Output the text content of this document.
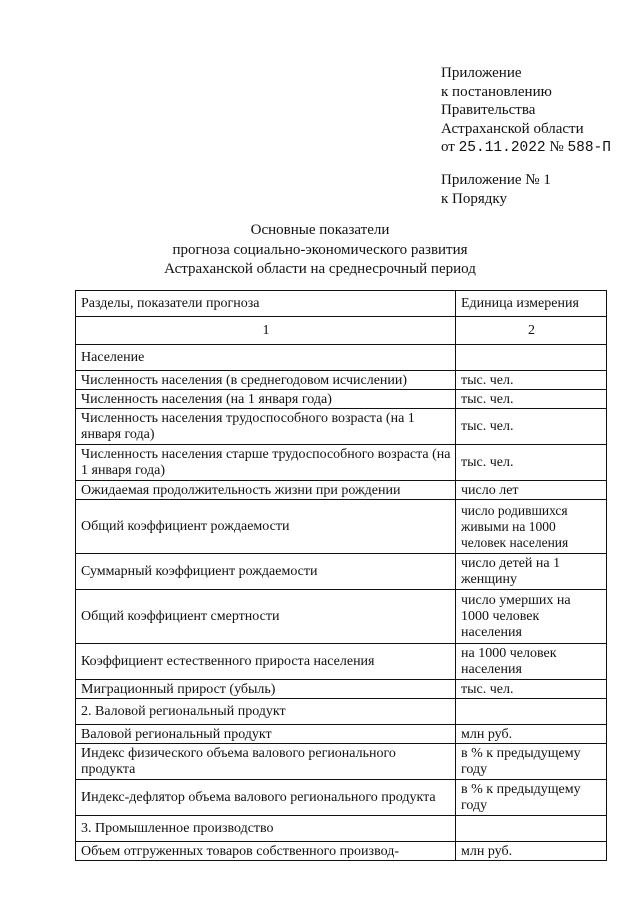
Приложение
к постановлению
Правительства
Астраханской области
от 25.11.2022 № 588-П
Приложение № 1
к Порядку
Основные показатели
прогноза социально-экономического развития
Астраханской области на среднесрочный период
Разделы, показатели прогноза	Единица измерения
1	2
Население	
Численность населения (в среднегодовом исчислении)	тыс. чел.
Численность населения (на 1 января года)	тыс. чел.
Численность населения трудоспособного возраста (на 1 января года)	тыс. чел.
Численность населения старше трудоспособного возраста (на 1 января года)	тыс. чел.
Ожидаемая продолжительность жизни при рождении	число лет
Общий коэффициент рождаемости	число родившихся живыми на 1000 человек населения
Суммарный коэффициент рождаемости	число детей на 1 женщину
Общий коэффициент смертности	число умерших на 1000 человек населения
Коэффициент естественного прироста населения	на 1000 человек населения
Миграционный прирост (убыль)	тыс. чел.
2. Валовой региональный продукт	
Валовой региональный продукт	млн руб.
Индекс физического объема валового регионального продукта	в % к предыдущему году
Индекс-дефлятор объема валового регионального продукта	в % к предыдущему году
3. Промышленное производство	
Объем отгруженных товаров собственного производ-	млн руб.
